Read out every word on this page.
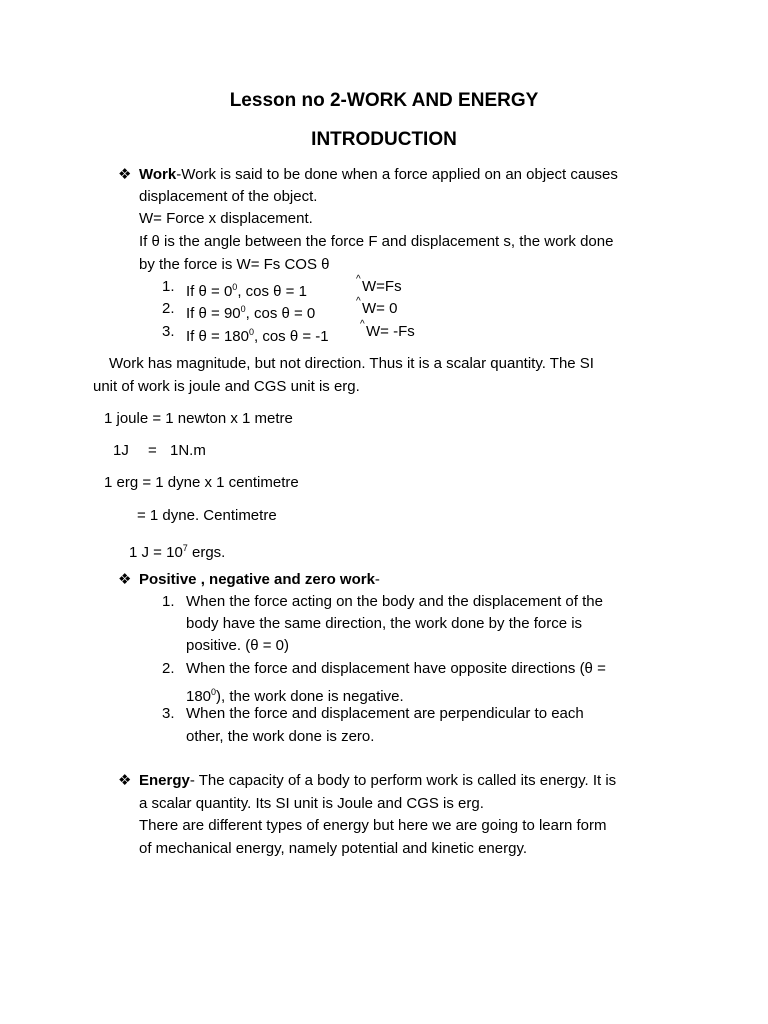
Lesson no 2-WORK AND ENERGY
INTRODUCTION
❖ Work-Work is said to be done when a force applied on an object causes
displacement of the object.
W= Force x displacement.
If θ is the angle between the force F and displacement s, the work done
by the force is W= Fs COS θ
1. If $\theta = 0^0$, cos θ = 1
^ W=Fs
2. If $\theta = 90^0$, cos θ = 0
^ W= 0
3. If $\theta = 180^0$, cos θ = -1
^ W= -Fs
Work has magnitude, but not direction. Thus it is a scalar quantity. The SI
unit of work is joule and CGS unit is erg.
1 joule = 1 newton x 1 metre
1J = 1N.m
1 erg = 1 dyne x 1 centimetre
= 1 dyne. Centimetre
1 $J = 10^7$ ergs.
❖ Positive , negative and zero work-
1. When the force acting on the body and the displacement of the
body have the same direction, the work done by the force is
positive. (θ = 0)
2. When the force and displacement have opposite directions (θ =
$180^0$), the work done is negative.
3. When the force and displacement are perpendicular to each
other, the work done is zero.
❖ Energy- The capacity of a body to perform work is called its energy. It is
a scalar quantity. Its SI unit is Joule and CGS is erg.
There are different types of energy but here we are going to learn form
of mechanical energy, namely potential and kinetic energy.
